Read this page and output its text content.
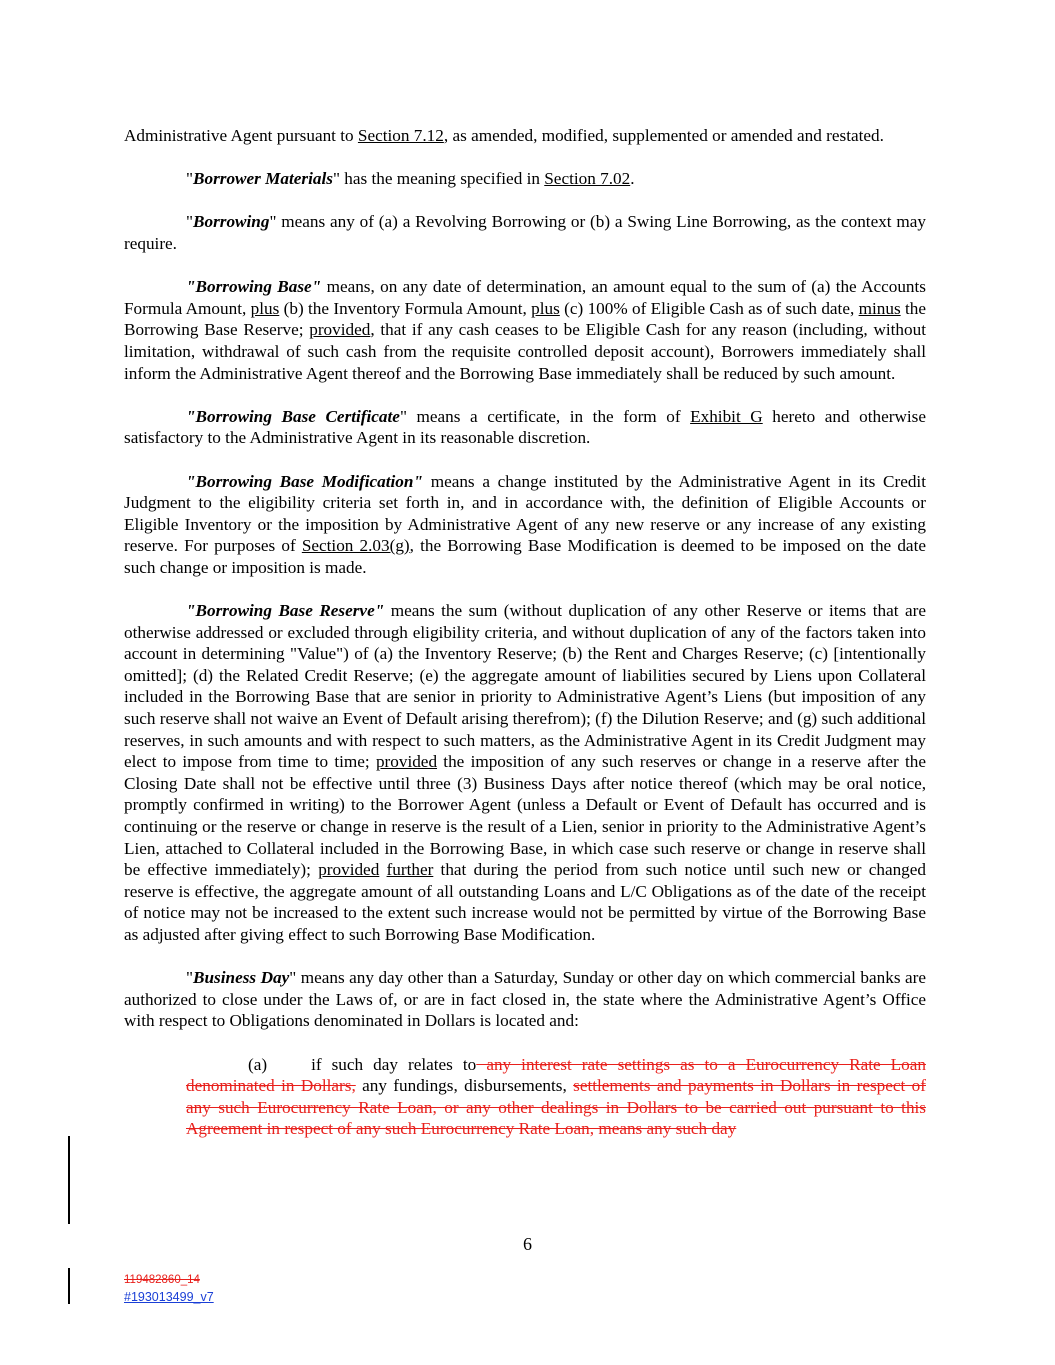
Administrative Agent pursuant to Section 7.12, as amended, modified, supplemented or amended and restated.

"Borrower Materials" has the meaning specified in Section 7.02.

"Borrowing" means any of (a) a Revolving Borrowing or (b) a Swing Line Borrowing, as the context may require.

"Borrowing Base" means, on any date of determination, an amount equal to the sum of (a) the Accounts Formula Amount, plus (b) the Inventory Formula Amount, plus (c) 100% of Eligible Cash as of such date, minus the Borrowing Base Reserve; provided, that if any cash ceases to be Eligible Cash for any reason (including, without limitation, withdrawal of such cash from the requisite controlled deposit account), Borrowers immediately shall inform the Administrative Agent thereof and the Borrowing Base immediately shall be reduced by such amount.

"Borrowing Base Certificate" means a certificate, in the form of Exhibit G hereto and otherwise satisfactory to the Administrative Agent in its reasonable discretion.

"Borrowing Base Modification" means a change instituted by the Administrative Agent in its Credit Judgment to the eligibility criteria set forth in, and in accordance with, the definition of Eligible Accounts or Eligible Inventory or the imposition by Administrative Agent of any new reserve or any increase of any existing reserve. For purposes of Section 2.03(g), the Borrowing Base Modification is deemed to be imposed on the date such change or imposition is made.

"Borrowing Base Reserve" means the sum (without duplication of any other Reserve or items that are otherwise addressed or excluded through eligibility criteria, and without duplication of any of the factors taken into account in determining "Value") of (a) the Inventory Reserve; (b) the Rent and Charges Reserve; (c) [intentionally omitted]; (d) the Related Credit Reserve; (e) the aggregate amount of liabilities secured by Liens upon Collateral included in the Borrowing Base that are senior in priority to Administrative Agent’s Liens (but imposition of any such reserve shall not waive an Event of Default arising therefrom); (f) the Dilution Reserve; and (g) such additional reserves, in such amounts and with respect to such matters, as the Administrative Agent in its Credit Judgment may elect to impose from time to time; provided the imposition of any such reserves or change in a reserve after the Closing Date shall not be effective until three (3) Business Days after notice thereof (which may be oral notice, promptly confirmed in writing) to the Borrower Agent (unless a Default or Event of Default has occurred and is continuing or the reserve or change in reserve is the result of a Lien, senior in priority to the Administrative Agent’s Lien, attached to Collateral included in the Borrowing Base, in which case such reserve or change in reserve shall be effective immediately); provided further that during the period from such notice until such new or changed reserve is effective, the aggregate amount of all outstanding Loans and L/C Obligations as of the date of the receipt of notice may not be increased to the extent such increase would not be permitted by virtue of the Borrowing Base as adjusted after giving effect to such Borrowing Base Modification.

"Business Day" means any day other than a Saturday, Sunday or other day on which commercial banks are authorized to close under the Laws of, or are in fact closed in, the state where the Administrative Agent’s Office with respect to Obligations denominated in Dollars is located and:

(a)	if such day relates to any interest rate settings as to a Eurocurrency Rate Loan denominated in Dollars, any fundings, disbursements, settlements and payments in Dollars in respect of any such Eurocurrency Rate Loan, or any other dealings in Dollars to be carried out pursuant to this Agreement in respect of any such Eurocurrency Rate Loan, means any such day

6
119482860_14
#193013499_v7
